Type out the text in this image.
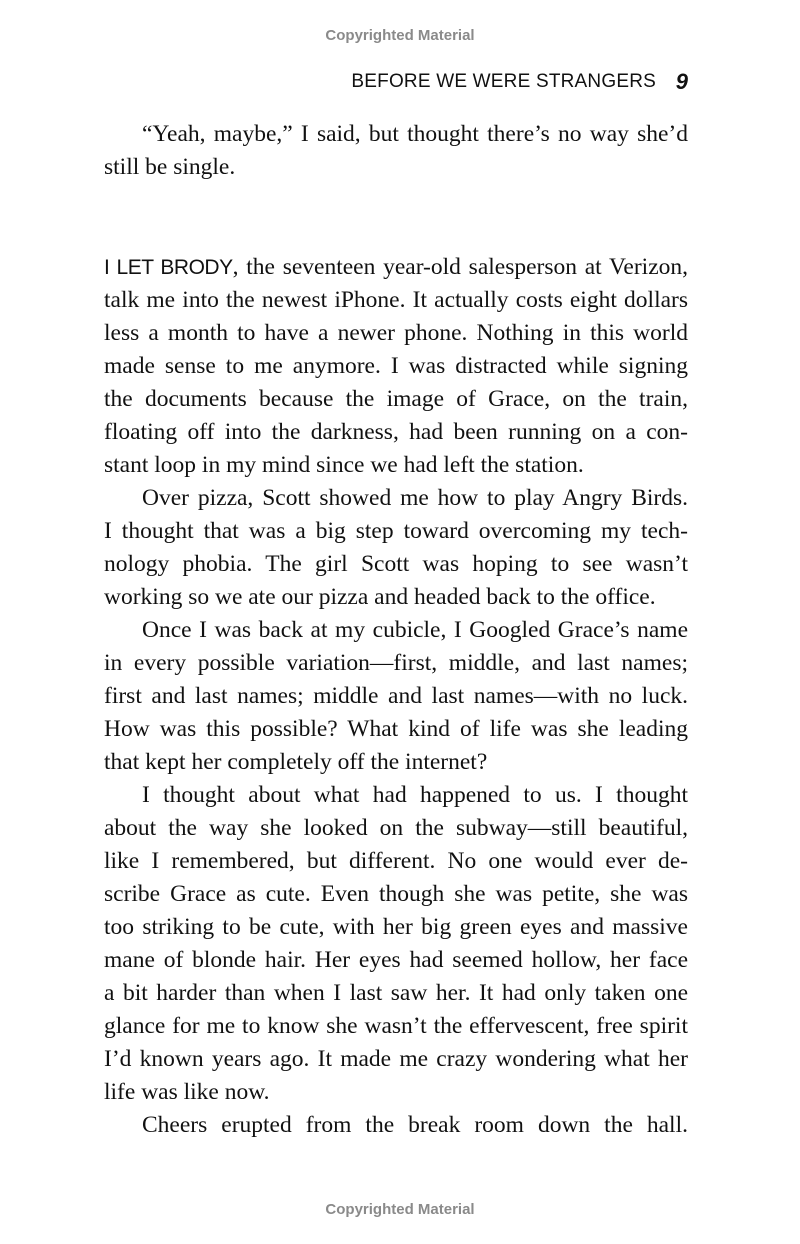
Copyrighted Material
BEFORE WE WERE STRANGERS 9
“Yeah, maybe,” I said, but thought there’s no way she’d
still be single.
I LET BRODY, the seventeen year-old salesperson at Verizon,
talk me into the newest iPhone. It actually costs eight dollars
less a month to have a newer phone. Nothing in this world
made sense to me anymore. I was distracted while signing
the documents because the image of Grace, on the train,
floating off into the darkness, had been running on a con-
stant loop in my mind since we had left the station.
Over pizza, Scott showed me how to play Angry Birds.
I thought that was a big step toward overcoming my tech-
nology phobia. The girl Scott was hoping to see wasn’t
working so we ate our pizza and headed back to the office.
Once I was back at my cubicle, I Googled Grace’s name
in every possible variation—first, middle, and last names;
first and last names; middle and last names—with no luck.
How was this possible? What kind of life was she leading
that kept her completely off the internet?
I thought about what had happened to us. I thought
about the way she looked on the subway—still beautiful,
like I remembered, but different. No one would ever de-
scribe Grace as cute. Even though she was petite, she was
too striking to be cute, with her big green eyes and massive
mane of blonde hair. Her eyes had seemed hollow, her face
a bit harder than when I last saw her. It had only taken one
glance for me to know she wasn’t the effervescent, free spirit
I’d known years ago. It made me crazy wondering what her
life was like now.
Cheers erupted from the break room down the hall.
Copyrighted Material
